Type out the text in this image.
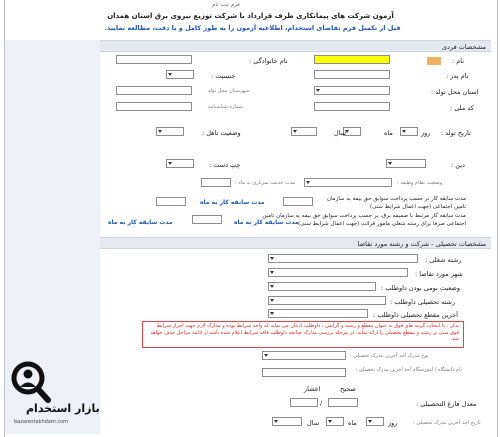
فرم ثبت نام
آزمون شرکت های پیمانکاری طرف قرارداد با شرکت توزیع نیروی برق استان همدان
قبل از تکمیل فرم تقاضای استخدام، اطلاعیه آزمون را به طور کامل و با دقت، مطالعه نمایید.
مشخصات فردی
نام :
نام خانوادگی :
نام پدر :
جنسیت :
استان محل تولد :
شهرستان محل تولد
کد ملی :
شماره شناسنامه
تاریخ تولد :
روز
ماه
سال
وضعیت تاهل :
دین :
چپ دست :
وضعیت نظام وظیفه :
مدت خدمت سربازی به ماه :
مدت سابقه کار بر حسب پرداخت سوابق حق بیمه به سازمان تامین اجتماعی (جهت اعمال شرایط سنی)
مدت سابقه کار به ماه
مدت سابقه کار مرتبط با ضمیمه برق، بر حسب پرداخت سوابق حق بیمه به سازمان تامین اجتماعی صرفا برای رسته شغلی مامور قرائت (جهت اعمال شرایط سنی)
مدت سابقه کار به ماه
مدت سابقه کار به ماه
مشخصات تحصیلی - شرکت و رشته مورد تقاضا
رشته شغلی :
شهر مورد تقاضا :
وضعیت بومی بودن داوطلب :
رشته تحصیلی داوطلب :
آخرین مقطع تحصیلی داوطلب :
تذکر : با انتخاب گزینه های فوق به عنوان مقطع و رشته و گرایش ، داوطلب اذعان می نماید که واجد شرایط بوده و مدارک لازم جهت احراز شرایط فوق مبنی بر رشته و مقطع تحصیلی را ارائه نماید. در مرحله بررسی مدارک چنانچه داوطلب فاقد شرایط اعلام شده باشد از ادامه مراحل حذف خواهد شد.
نوع مدرک اخذ آخرین مدرک تحصیلی :
نام دانشگاه / آموزشگاه اخذ آخرین مدرک تحصیلی :
صحیح
اعشار
معدل فارغ التحصیلی :
/
تاریخ اخذ آخرین مدرک تحصیلی :
روز
ماه
سال
بازار استخدام
bazarestekhdam.com
